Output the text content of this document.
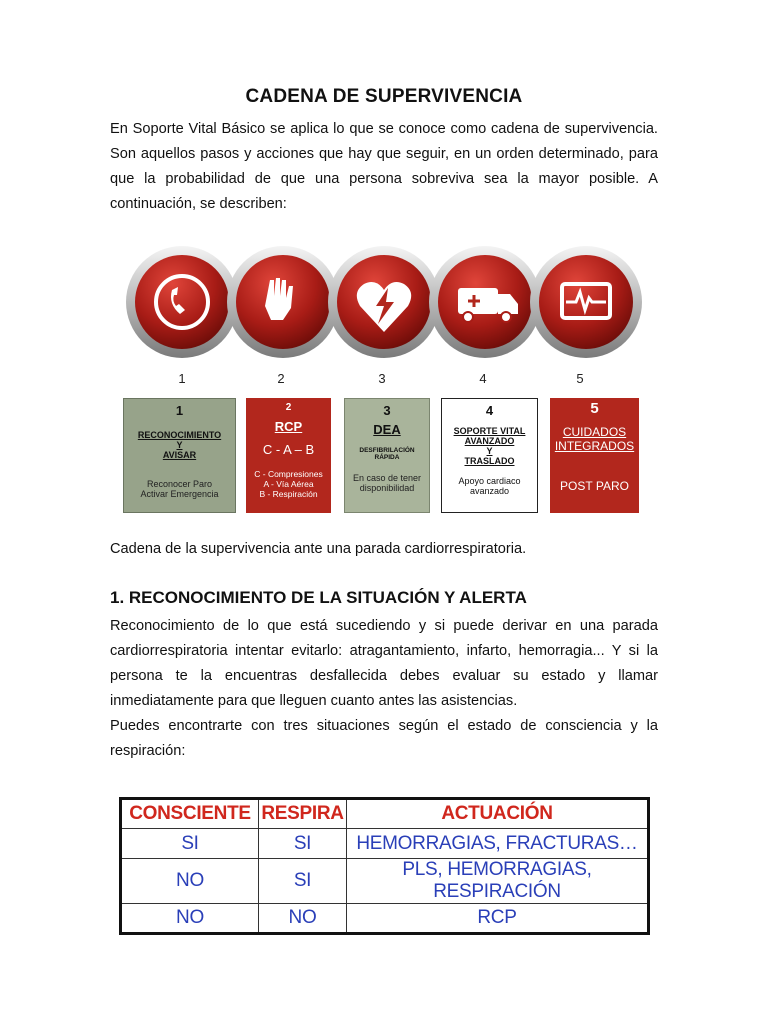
CADENA DE SUPERVIVENCIA
En Soporte Vital Básico se aplica lo que se conoce como cadena de supervivencia. Son aquellos pasos y acciones que hay que seguir, en un orden determinado, para que la probabilidad de que una persona sobreviva sea la mayor posible. A continuación, se describen:
1	2	3	4	5
1
RECONOCIMIENTO
Y
AVISAR
Reconocer Paro
Activar Emergencia
2
RCP
C - A – B
C - Compresiones
A - Vía Aérea
B - Respiración
3
DEA
DESFIBRILACIÓN
RÁPIDA
En caso de tener
disponibilidad
4
SOPORTE VITAL
AVANZADO
Y
TRASLADO
Apoyo cardiaco
avanzado
5
CUIDADOS
INTEGRADOS
POST PARO
Cadena de la supervivencia ante una parada cardiorrespiratoria.
1. RECONOCIMIENTO DE LA SITUACIÓN Y ALERTA
Reconocimiento de lo que está sucediendo y si puede derivar en una parada cardiorrespiratoria intentar evitarlo: atragantamiento, infarto, hemorragia... Y si la persona te la encuentras desfallecida debes evaluar su estado y llamar inmediatamente para que lleguen cuanto antes las asistencias.
Puedes encontrarte con tres situaciones según el estado de consciencia y la respiración:
CONSCIENTE	RESPIRA	ACTUACIÓN
SI	SI	HEMORRAGIAS, FRACTURAS…
NO	SI	PLS, HEMORRAGIAS, RESPIRACIÓN
NO	NO	RCP
